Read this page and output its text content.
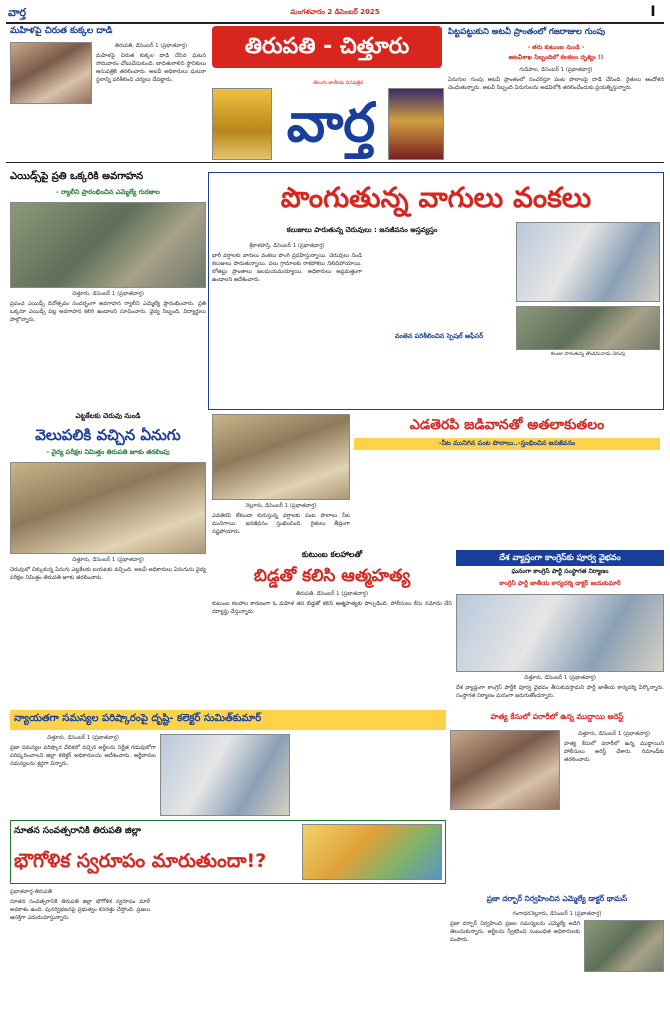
వార్త	మంగళవారం 2 డిసెంబర్ 2025	I
మహిళపై చిరుత కుక్కల దాడి
తిరుపతి, డిసెంబర్ 1 (ప్రభాతవార్త)
మహిళపై చిరుత కుక్కల దాడి చేసిన ఘటన సోమవారం చోటుచేసుకుంది. బాధితురాలిని స్థానికులు ఆసుపత్రికి తరలించారు. అటవీ అధికారులు ఘటనా స్థలాన్ని పరిశీలించి చర్యలు చేపట్టారు.
తిరుపతి - చిత్తూరు
తెలుగు జాతీయ దినపత్రిక
వార్త
పిట్టపట్టుకుని అటవీ ప్రాంతంలో గజరాజుల గుంపు
- తరు కుటుంబ నుండి -
అటవీశాఖ సిబ్బందిలో కలకలం దృశ్యం !!
గుడిపాల, డిసెంబర్ 1 (ప్రభాతవార్త)
ఏనుగుల గుంపు అటవీ ప్రాంతంలో సంచరిస్తూ పంట పొలాలపై దాడి చేసింది. రైతులు ఆందోళన చెందుతున్నారు. అటవీ సిబ్బంది ఏనుగులను అడవిలోకి తరలించేందుకు ప్రయత్నిస్తున్నారు.
ఎయిడ్స్‌పై ప్రతి ఒక్కరికి అవగాహన
- ర్యాలీని ప్రారంభించిన ఎమ్మెల్యే గురజాల
చిత్తూరు, డిసెంబర్ 1 (ప్రభాతవార్త)
ప్రపంచ ఎయిడ్స్ దినోత్సవం సందర్భంగా అవగాహన ర్యాలీని ఎమ్మెల్యే ప్రారంభించారు. ప్రతి ఒక్కరూ ఎయిడ్స్ పట్ల అవగాహన కలిగి ఉండాలని సూచించారు. వైద్య సిబ్బంది, విద్యార్థులు పాల్గొన్నారు.
పొంగుతున్న వాగులు వంకలు
కలుజులు పారుతున్న చెరువులు : జనజీవనం అస్తవ్యస్తం
కలుజు పారుతున్న తొండమనాడు చెరువు
శ్రీకాళహస్తి, డిసెంబర్ 1 (ప్రభాతవార్త)
భారీ వర్షాలకు వాగులు వంకలు పొంగి ప్రవహిస్తున్నాయి. చెరువులు నిండి కలుజులు పారుతున్నాయి. పలు గ్రామాలకు రాకపోకలు నిలిచిపోయాయి. లోతట్టు ప్రాంతాలు జలమయమయ్యాయి. అధికారులు అప్రమత్తంగా ఉండాలని ఆదేశించారు.
వంతెన పరిశీలించిన స్పెషల్ ఆఫీసర్
ఎట్టకేలకు చెరువు నుండి
వెలుపలికి వచ్చిన ఏనుగు
- వైద్య పరీక్షల నిమిత్తం తిరుపతి జూకు తరలింపు
చిత్తూరు, డిసెంబర్ 1 (ప్రభాతవార్త)
చెరువులో చిక్కుకున్న ఏనుగు ఎట్టకేలకు బయటకు వచ్చింది. అటవీ అధికారులు ఏనుగును వైద్య పరీక్షల నిమిత్తం తిరుపతి జూకు తరలించారు.
ఎడతెరపి జడివానతో అతలాకుతలం
-నీట మునిగిన పంట పొలాలు..-స్తంభించిన జనజీవనం
నెల్లూరు, డిసెంబర్ 1 (ప్రభాతవార్త)
ఎడతెరపి లేకుండా కురుస్తున్న వర్షాలకు పంట పొలాలు నీట మునిగాయి. జనజీవనం స్తంభించింది. రైతులు తీవ్రంగా నష్టపోయారు.
కుటుంబ కలహాలతో
బిడ్డతో కలిసి ఆత్మహత్య
తిరుపతి, డిసెంబర్ 1 (ప్రభాతవార్త)
కుటుంబ కలహాల కారణంగా ఓ మహిళ తన బిడ్డతో కలిసి ఆత్మహత్యకు పాల్పడింది. పోలీసులు కేసు నమోదు చేసి దర్యాప్తు చేస్తున్నారు.
దేశ వ్యాప్తంగా కాంగ్రెస్‌కు పూర్వ వైభవం
ఘనంగా కాంగ్రెస్ పార్టీ సంస్థాగత నిర్మాణం
కాంగ్రెస్ పార్టీ జాతీయ కార్యదర్శి డాక్టర్ జయకుమార్
చిత్తూరు, డిసెంబర్ 1 (ప్రభాతవార్త)
దేశ వ్యాప్తంగా కాంగ్రెస్ పార్టీకి పూర్వ వైభవం తీసుకువస్తామని పార్టీ జాతీయ కార్యదర్శి పేర్కొన్నారు. సంస్థాగత నిర్మాణం ఘనంగా జరుగుతోందన్నారు.
న్యాయతగా సమస్యల పరిష్కారంపై దృష్టి- కలెక్టర్ సుమిత్‌కుమార్
చిత్తూరు, డిసెంబర్ 1 (ప్రభాతవార్త)
ప్రజా సమస్యల పరిష్కార వేదికలో వచ్చిన అర్జీలను నిర్ణీత గడువులోగా పరిష్కరించాలని జిల్లా కలెక్టర్ అధికారులను ఆదేశించారు. అర్జీదారుల సమస్యలను శ్రద్ధగా విన్నారు.
హత్య కేసులో పరారీలో ఉన్న ముద్దాయి అరెస్ట్
చిత్తూరు, డిసెంబర్ 1 (ప్రభాతవార్త)
హత్య కేసులో పరారీలో ఉన్న ముద్దాయిని పోలీసులు అరెస్ట్ చేశారు. రిమాండ్‌కు తరలించారు.
నూతన సంవత్సరానికి తిరుపతి జిల్లా
భౌగోళిక స్వరూపం మారుతుందా!?
ప్రభాతవార్త-తిరుపతి
నూతన సంవత్సరానికి తిరుపతి జిల్లా భౌగోళిక స్వరూపం మారే అవకాశం ఉంది. పునర్విభజనపై ప్రభుత్వం కసరత్తు చేస్తోంది. ప్రజలు ఆసక్తిగా ఎదురుచూస్తున్నారు.
ప్రజా దర్బార్ నిర్వహించిన ఎమ్మెల్యే డాక్టర్ థామస్
గంగాధరనెల్లూరు, డిసెంబర్ 1 (ప్రభాతవార్త)
ప్రజా దర్బార్ నిర్వహించి ప్రజల సమస్యలను ఎమ్మెల్యే అడిగి తెలుసుకున్నారు. అర్జీలను స్వీకరించి సంబంధిత అధికారులకు పంపారు.
